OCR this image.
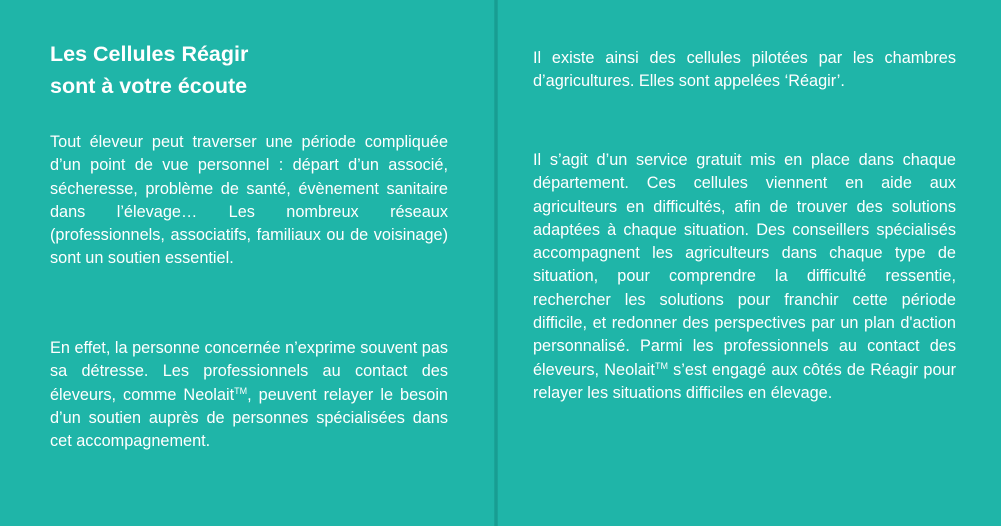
Les Cellules Réagir
sont à votre écoute

Tout éleveur peut traverser une période compliquée d’un point de vue personnel : départ d’un associé, sécheresse, problème de santé, évènement sanitaire dans l’élevage… Les nombreux réseaux (professionnels, associatifs, familiaux ou de voisinage) sont un soutien essentiel.

En effet, la personne concernée n’exprime souvent pas sa détresse. Les professionnels au contact des éleveurs, comme Neolait™, peuvent relayer le besoin d’un soutien auprès de personnes spécialisées dans cet accompagnement.

Il existe ainsi des cellules pilotées par les chambres d’agricultures. Elles sont appelées ‘Réagir’.

Il s’agit d’un service gratuit mis en place dans chaque département. Ces cellules viennent en aide aux agriculteurs en difficultés, afin de trouver des solutions adaptées à chaque situation. Des conseillers spécialisés accompagnent les agriculteurs dans chaque type de situation, pour comprendre la difficulté ressentie, rechercher les solutions pour franchir cette période difficile, et redonner des perspectives par un plan d'action personnalisé. Parmi les professionnels au contact des éleveurs, Neolait™ s’est engagé aux côtés de Réagir pour relayer les situations difficiles en élevage.
